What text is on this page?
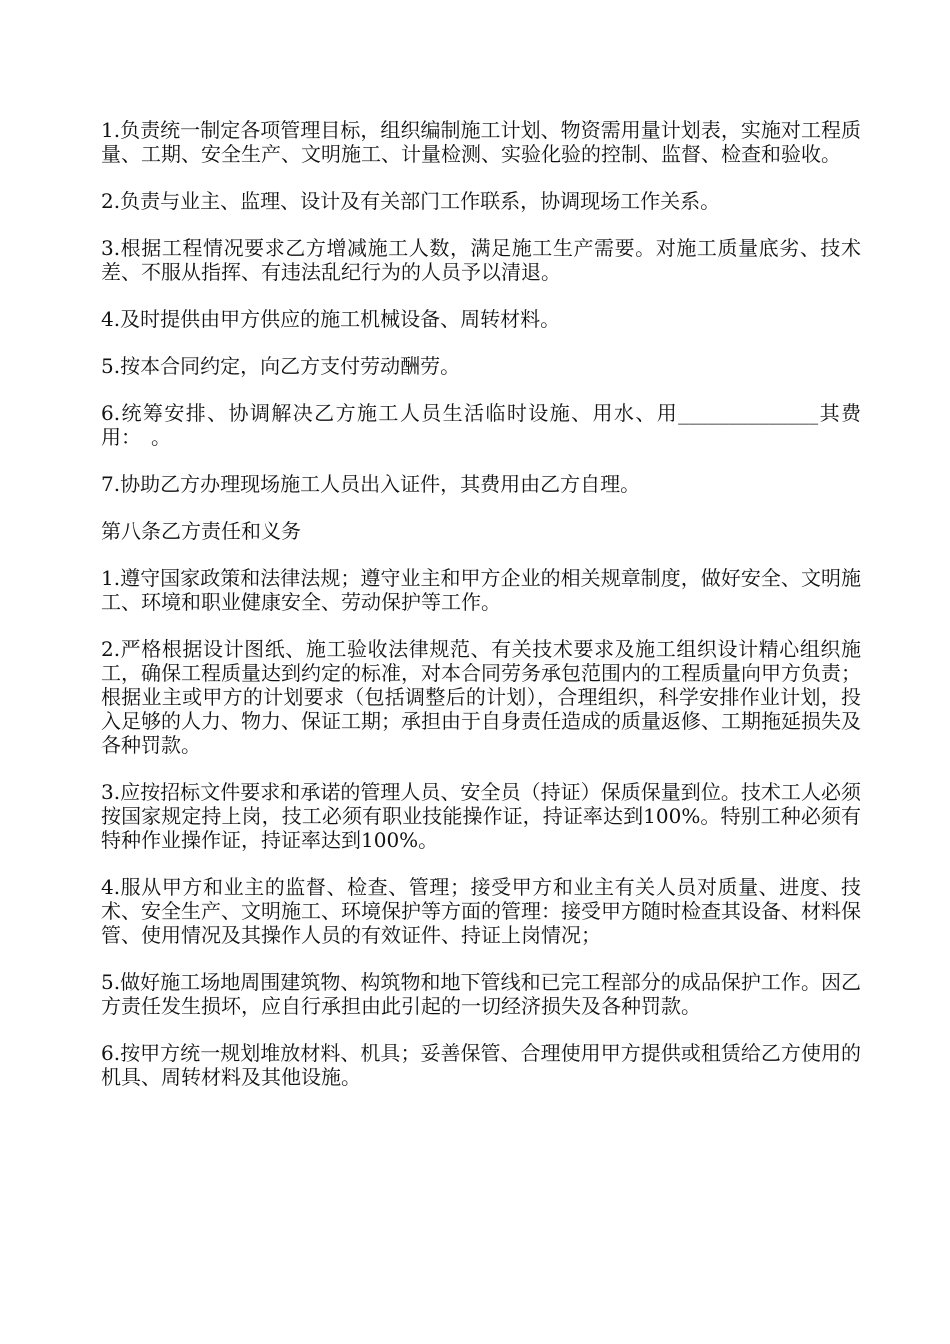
1.负责统一制定各项管理目标，组织编制施工计划、物资需用量计划表，实施对工程质量、工期、安全生产、文明施工、计量检测、实验化验的控制、监督、检查和验收。

2.负责与业主、监理、设计及有关部门工作联系，协调现场工作关系。

3.根据工程情况要求乙方增减施工人数，满足施工生产需要。对施工质量底劣、技术差、不服从指挥、有违法乱纪行为的人员予以清退。

4.及时提供由甲方供应的施工机械设备、周转材料。

5.按本合同约定，向乙方支付劳动酬劳。

6.统筹安排、协调解决乙方施工人员生活临时设施、用水、用______________其费用：　。

7.协助乙方办理现场施工人员出入证件，其费用由乙方自理。

第八条乙方责任和义务

1.遵守国家政策和法律法规；遵守业主和甲方企业的相关规章制度，做好安全、文明施工、环境和职业健康安全、劳动保护等工作。

2.严格根据设计图纸、施工验收法律规范、有关技术要求及施工组织设计精心组织施工，确保工程质量达到约定的标准，对本合同劳务承包范围内的工程质量向甲方负责；根据业主或甲方的计划要求（包括调整后的计划），合理组织，科学安排作业计划，投入足够的人力、物力、保证工期；承担由于自身责任造成的质量返修、工期拖延损失及各种罚款。

3.应按招标文件要求和承诺的管理人员、安全员（持证）保质保量到位。技术工人必须按国家规定持上岗，技工必须有职业技能操作证，持证率达到100%。特别工种必须有特种作业操作证，持证率达到100%。

4.服从甲方和业主的监督、检查、管理；接受甲方和业主有关人员对质量、进度、技术、安全生产、文明施工、环境保护等方面的管理：接受甲方随时检查其设备、材料保管、使用情况及其操作人员的有效证件、持证上岗情况；

5.做好施工场地周围建筑物、构筑物和地下管线和已完工程部分的成品保护工作。因乙方责任发生损坏，应自行承担由此引起的一切经济损失及各种罚款。

6.按甲方统一规划堆放材料、机具；妥善保管、合理使用甲方提供或租赁给乙方使用的机具、周转材料及其他设施。
